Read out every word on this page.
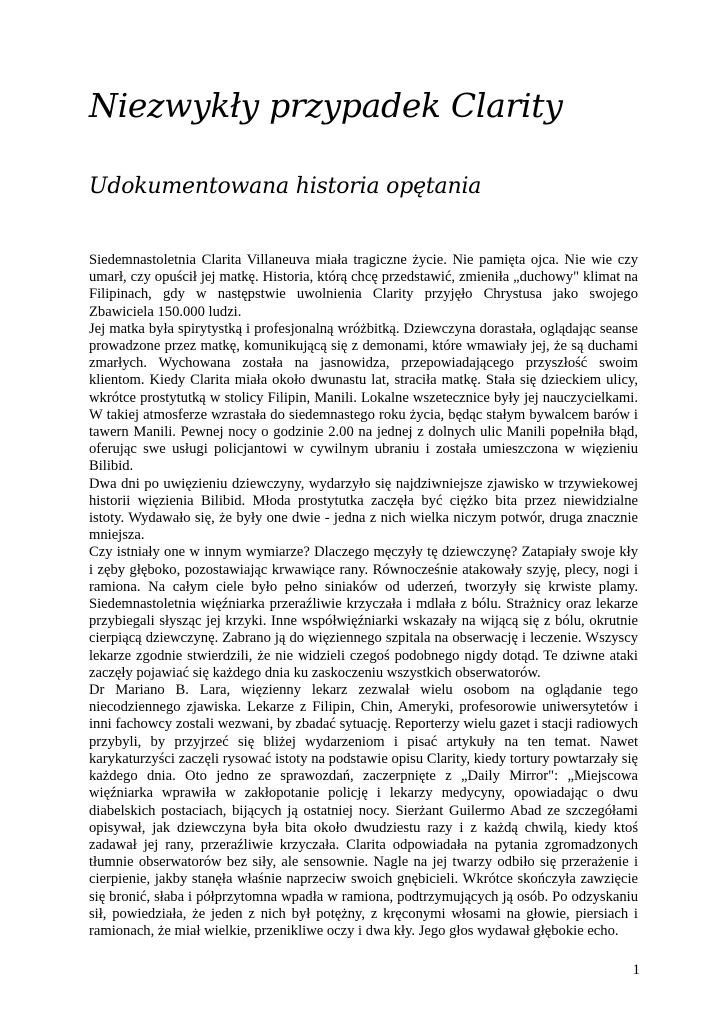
Niezwykły przypadek Clarity
Udokumentowana historia opętania

Siedemnastoletnia Clarita Villaneuva miała tragiczne życie. Nie pamięta ojca. Nie wie czy umarł, czy opuścił jej matkę. Historia, którą chcę przedstawić, zmieniła „duchowy" klimat na Filipinach, gdy w następstwie uwolnienia Clarity przyjęło Chrystusa jako swojego Zbawiciela 150.000 ludzi.

Jej matka była spirytystką i profesjonalną wróżbitką. Dziewczyna dorastała, oglądając seanse prowadzone przez matkę, komunikującą się z demonami, które wmawiały jej, że są duchami zmarłych. Wychowana została na jasnowidza, przepowiadającego przyszłość swoim klientom. Kiedy Clarita miała około dwunastu lat, straciła matkę. Stała się dzieckiem ulicy, wkrótce prostytutką w stolicy Filipin, Manili. Lokalne wszetecznice były jej nauczycielkami. W takiej atmosferze wzrastała do siedemnastego roku życia, będąc stałym bywalcem barów i tawern Manili. Pewnej nocy o godzinie 2.00 na jednej z dolnych ulic Manili popełniła błąd, oferując swe usługi policjantowi w cywilnym ubraniu i została umieszczona w więzieniu Bilibid.

Dwa dni po uwięzieniu dziewczyny, wydarzyło się najdziwniejsze zjawisko w trzywiekowej historii więzienia Bilibid. Młoda prostytutka zaczęła być ciężko bita przez niewidzialne istoty. Wydawało się, że były one dwie - jedna z nich wielka niczym potwór, druga znacznie mniejsza.

Czy istniały one w innym wymiarze? Dlaczego męczyły tę dziewczynę? Zatapiały swoje kły i zęby głęboko, pozostawiając krwawiące rany. Równocześnie atakowały szyję, plecy, nogi i ramiona. Na całym ciele było pełno siniaków od uderzeń, tworzyły się krwiste plamy. Siedemnastoletnia więźniarka przeraźliwie krzyczała i mdlała z bólu. Strażnicy oraz lekarze przybiegali słysząc jej krzyki. Inne współwięźniarki wskazały na wijącą się z bólu, okrutnie cierpiącą dziewczynę. Zabrano ją do więziennego szpitala na obserwację i leczenie. Wszyscy lekarze zgodnie stwierdzili, że nie widzieli czegoś podobnego nigdy dotąd. Te dziwne ataki zaczęły pojawiać się każdego dnia ku zaskoczeniu wszystkich obserwatorów.

Dr Mariano B. Lara, więzienny lekarz zezwalał wielu osobom na oglądanie tego niecodziennego zjawiska. Lekarze z Filipin, Chin, Ameryki, profesorowie uniwersytetów i inni fachowcy zostali wezwani, by zbadać sytuację. Reporterzy wielu gazet i stacji radiowych przybyli, by przyjrzeć się bliżej wydarzeniom i pisać artykuły na ten temat. Nawet karykaturzyści zaczęli rysować istoty na podstawie opisu Clarity, kiedy tortury powtarzały się każdego dnia. Oto jedno ze sprawozdań, zaczerpnięte z „Daily Mirror": „Miejscowa więźniarka wprawiła w zakłopotanie policję i lekarzy medycyny, opowiadając o dwu diabelskich postaciach, bijących ją ostatniej nocy. Sierżant Guilermo Abad ze szczegółami opisywał, jak dziewczyna była bita około dwudziestu razy i z każdą chwilą, kiedy ktoś zadawał jej rany, przeraźliwie krzyczała. Clarita odpowiadała na pytania zgromadzonych tłumnie obserwatorów bez siły, ale sensownie. Nagle na jej twarzy odbiło się przerażenie i cierpienie, jakby stanęła właśnie naprzeciw swoich gnębicieli. Wkrótce skończyła zawzięcie się bronić, słaba i półprzytomna wpadła w ramiona, podtrzymujących ją osób. Po odzyskaniu sił, powiedziała, że jeden z nich był potężny, z kręconymi włosami na głowie, piersiach i ramionach, że miał wielkie, przenikliwe oczy i dwa kły. Jego głos wydawał głębokie echo.

1
